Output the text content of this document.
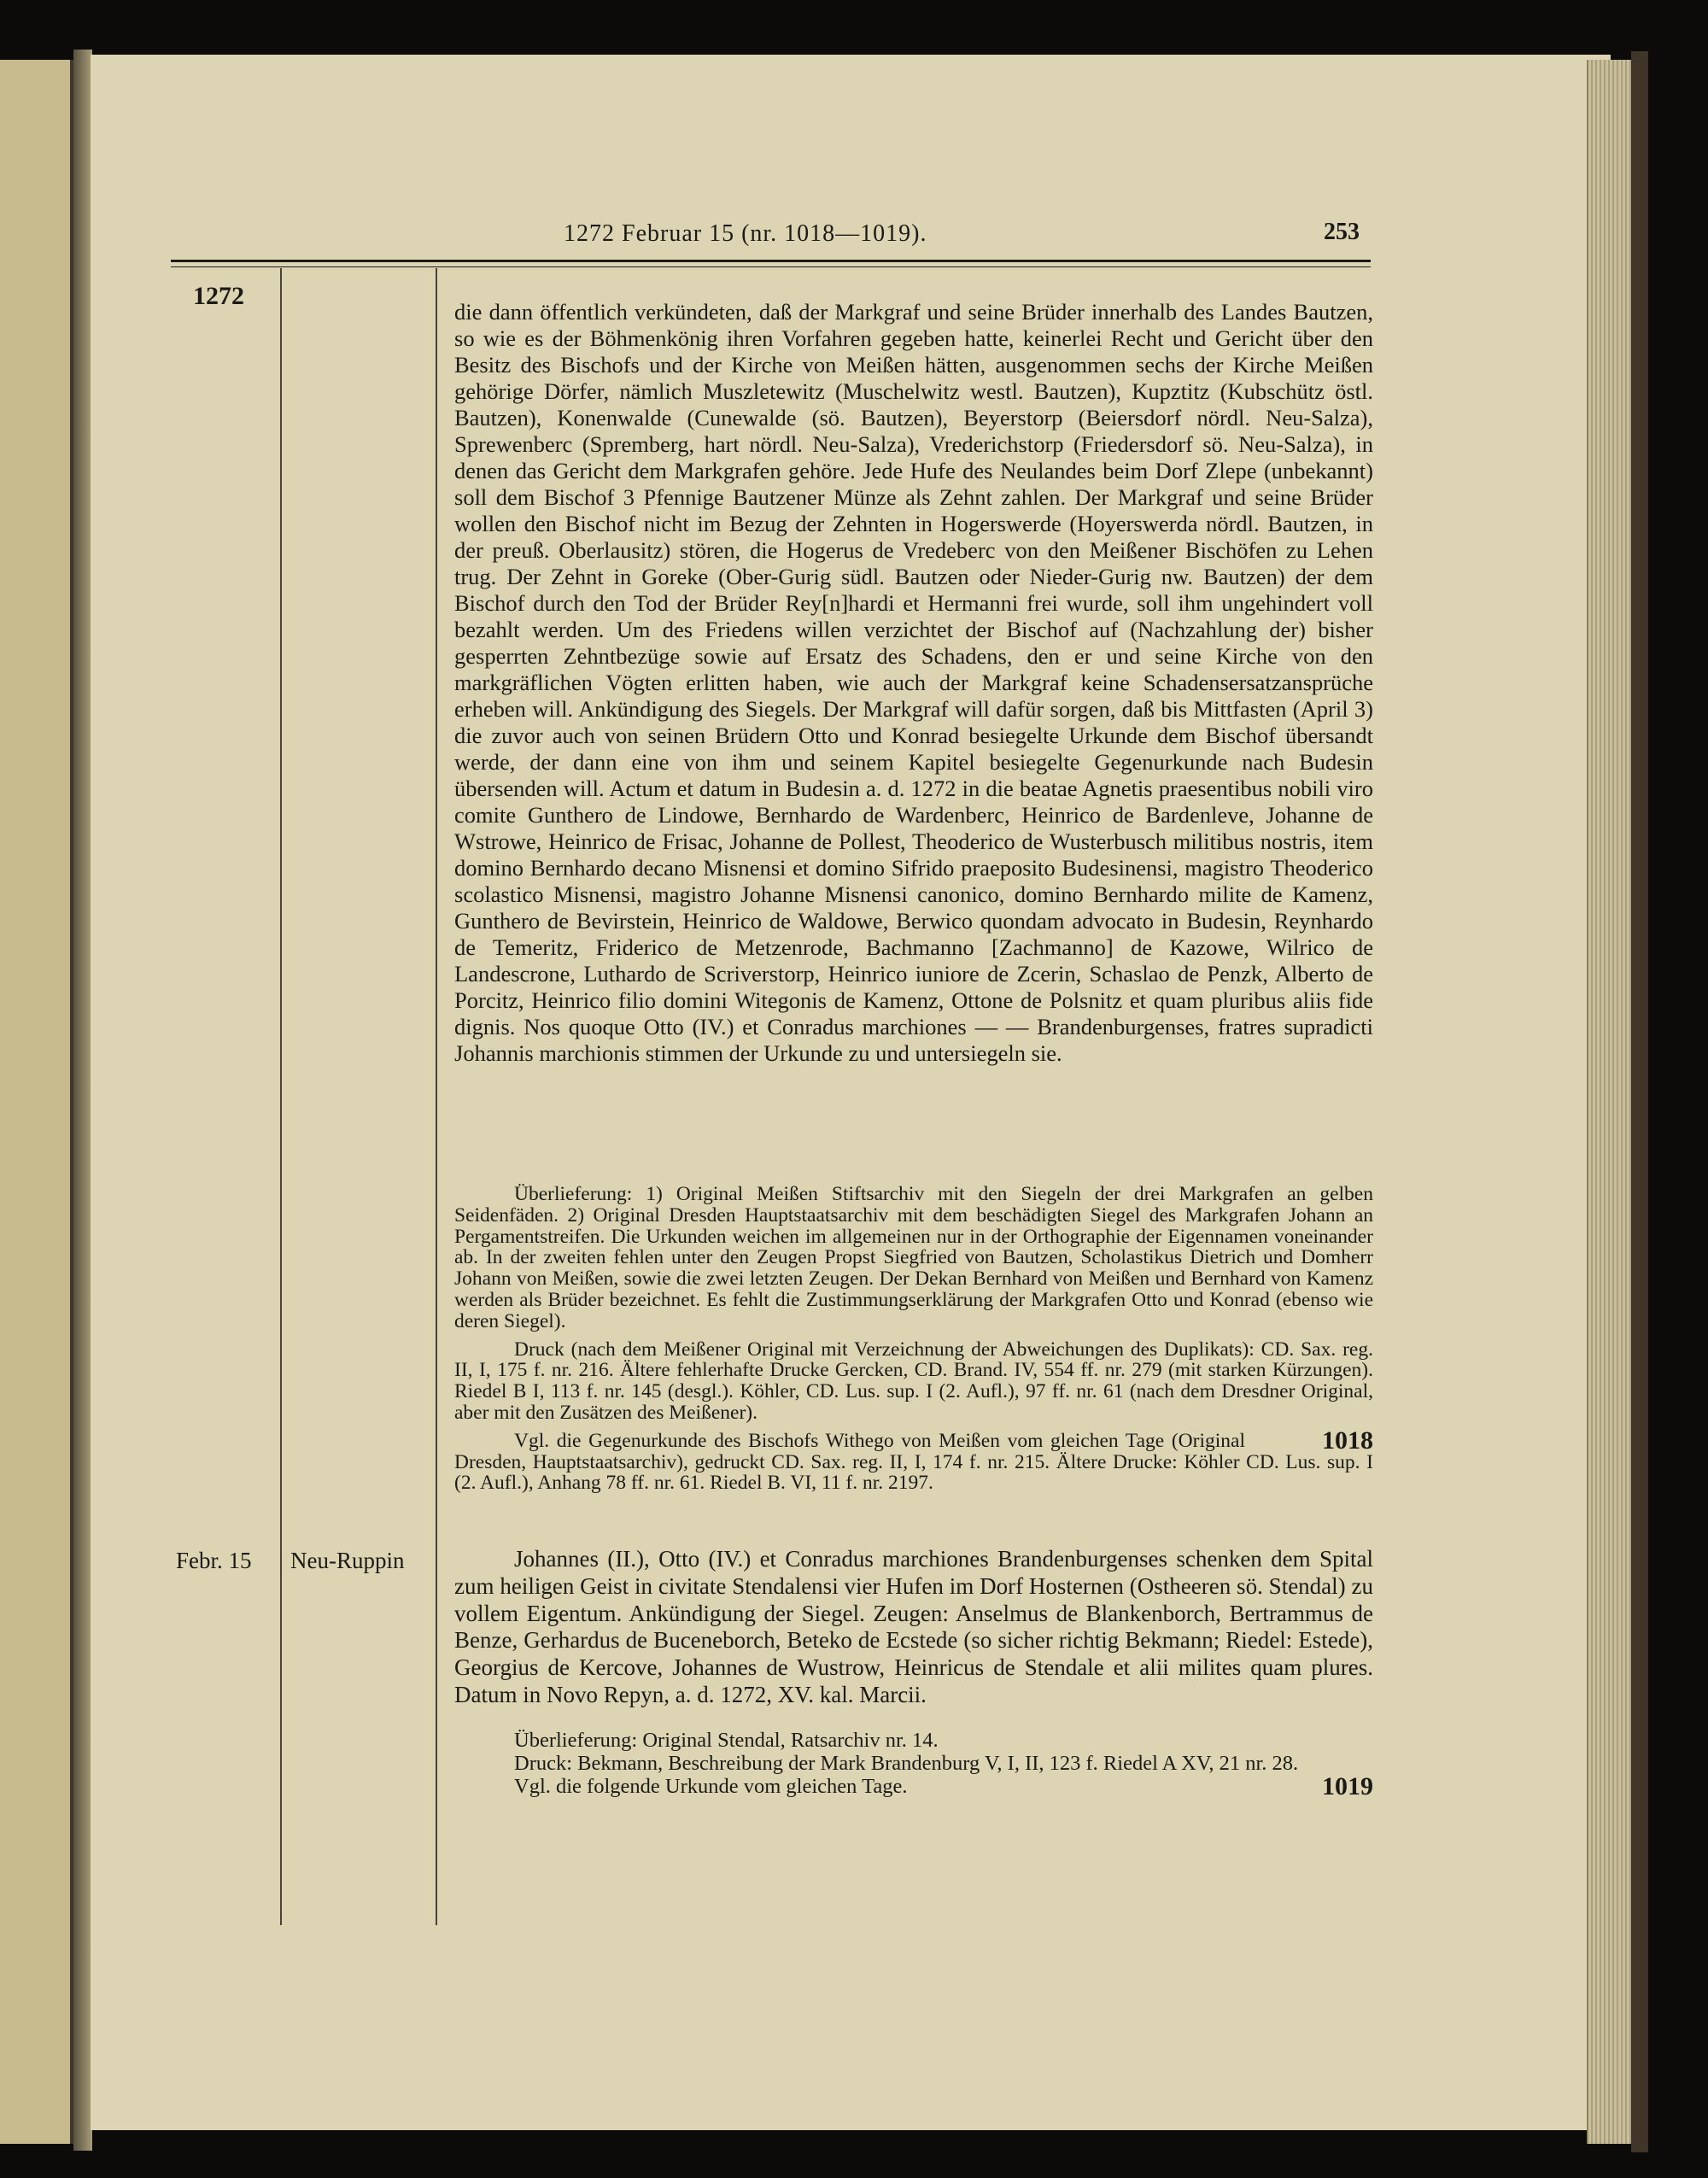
1272 Februar 15 (nr. 1018—1019).	253
1272
die dann öffentlich verkündeten, daß der Markgraf und seine Brüder innerhalb des Landes Bautzen, so wie es der Böhmenkönig ihren Vorfahren gegeben hatte, keinerlei Recht und Gericht über den Besitz des Bischofs und der Kirche von Meißen hätten, ausgenommen sechs der Kirche Meißen gehörige Dörfer, nämlich Muszletewitz (Muschelwitz westl. Bautzen), Kupztitz (Kubschütz östl. Bautzen), Konenwalde (Cunewalde (sö. Bautzen), Beyerstorp (Beiersdorf nördl. Neu-Salza), Sprewenberc (Spremberg, hart nördl. Neu-Salza), Vrederichstorp (Friedersdorf sö. Neu-Salza), in denen das Gericht dem Markgrafen gehöre. Jede Hufe des Neulandes beim Dorf Zlepe (unbekannt) soll dem Bischof 3 Pfennige Bautzener Münze als Zehnt zahlen. Der Markgraf und seine Brüder wollen den Bischof nicht im Bezug der Zehnten in Hogerswerde (Hoyerswerda nördl. Bautzen, in der preuß. Oberlausitz) stören, die Hogerus de Vredeberc von den Meißener Bischöfen zu Lehen trug. Der Zehnt in Goreke (Ober-Gurig südl. Bautzen oder Nieder-Gurig nw. Bautzen) der dem Bischof durch den Tod der Brüder Rey[n]hardi et Hermanni frei wurde, soll ihm ungehindert voll bezahlt werden. Um des Friedens willen verzichtet der Bischof auf (Nachzahlung der) bisher gesperrten Zehntbezüge sowie auf Ersatz des Schadens, den er und seine Kirche von den markgräflichen Vögten erlitten haben, wie auch der Markgraf keine Schadensersatzansprüche erheben will. Ankündigung des Siegels. Der Markgraf will dafür sorgen, daß bis Mittfasten (April 3) die zuvor auch von seinen Brüdern Otto und Konrad besiegelte Urkunde dem Bischof übersandt werde, der dann eine von ihm und seinem Kapitel besiegelte Gegenurkunde nach Budesin übersenden will. Actum et datum in Budesin a. d. 1272 in die beatae Agnetis praesentibus nobili viro comite Gunthero de Lindowe, Bernhardo de Wardenberc, Heinrico de Bardenleve, Johanne de Wstrowe, Heinrico de Frisac, Johanne de Pollest, Theoderico de Wusterbusch militibus nostris, item domino Bernhardo decano Misnensi et domino Sifrido praeposito Budesinensi, magistro Theoderico scolastico Misnensi, magistro Johanne Misnensi canonico, domino Bernhardo milite de Kamenz, Gunthero de Bevirstein, Heinrico de Waldowe, Berwico quondam advocato in Budesin, Reynhardo de Temeritz, Friderico de Metzenrode, Bachmanno [Zachmanno] de Kazowe, Wilrico de Landescrone, Luthardo de Scriverstorp, Heinrico iuniore de Zcerin, Schaslao de Penzk, Alberto de Porcitz, Heinrico filio domini Witegonis de Kamenz, Ottone de Polsnitz et quam pluribus aliis fide dignis. Nos quoque Otto (IV.) et Conradus marchiones — — Brandenburgenses, fratres supradicti Johannis marchionis stimmen der Urkunde zu und untersiegeln sie.

Überlieferung: 1) Original Meißen Stiftsarchiv mit den Siegeln der drei Markgrafen an gelben Seidenfäden. 2) Original Dresden Hauptstaatsarchiv mit dem beschädigten Siegel des Markgrafen Johann an Pergamentstreifen. Die Urkunden weichen im allgemeinen nur in der Orthographie der Eigennamen voneinander ab. In der zweiten fehlen unter den Zeugen Propst Siegfried von Bautzen, Scholastikus Dietrich und Domherr Johann von Meißen, sowie die zwei letzten Zeugen. Der Dekan Bernhard von Meißen und Bernhard von Kamenz werden als Brüder bezeichnet. Es fehlt die Zustimmungserklärung der Markgrafen Otto und Konrad (ebenso wie deren Siegel).

Druck (nach dem Meißener Original mit Verzeichnung der Abweichungen des Duplikats): CD. Sax. reg. II, I, 175 f. nr. 216. Ältere fehlerhafte Drucke Gercken, CD. Brand. IV, 554 ff. nr. 279 (mit starken Kürzungen). Riedel B I, 113 f. nr. 145 (desgl.). Köhler, CD. Lus. sup. I (2. Aufl.), 97 ff. nr. 61 (nach dem Dresdner Original, aber mit den Zusätzen des Meißener).

1018
Vgl. die Gegenurkunde des Bischofs Withego von Meißen vom gleichen Tage (Original Dresden, Hauptstaatsarchiv), gedruckt CD. Sax. reg. II, I, 174 f. nr. 215. Ältere Drucke: Köhler CD. Lus. sup. I (2. Aufl.), Anhang 78 ff. nr. 61. Riedel B. VI, 11 f. nr. 2197.

Febr. 15 Neu-Ruppin	Johannes (II.), Otto (IV.) et Conradus marchiones Brandenburgenses schenken dem Spital zum heiligen Geist in civitate Stendalensi vier Hufen im Dorf Hosternen (Ostheeren sö. Stendal) zu vollem Eigentum. Ankündigung der Siegel. Zeugen: Anselmus de Blankenborch, Bertrammus de Benze, Gerhardus de Buceneborch, Beteko de Ecstede (so sicher richtig Bekmann; Riedel: Estede), Georgius de Kercove, Johannes de Wustrow, Heinricus de Stendale et alii milites quam plures. Datum in Novo Repyn, a. d. 1272, XV. kal. Marcii.

Überlieferung: Original Stendal, Ratsarchiv nr. 14.

Druck: Bekmann, Beschreibung der Mark Brandenburg V, I, II, 123 f. Riedel A XV, 21 nr. 28.

1019
Vgl. die folgende Urkunde vom gleichen Tage.
